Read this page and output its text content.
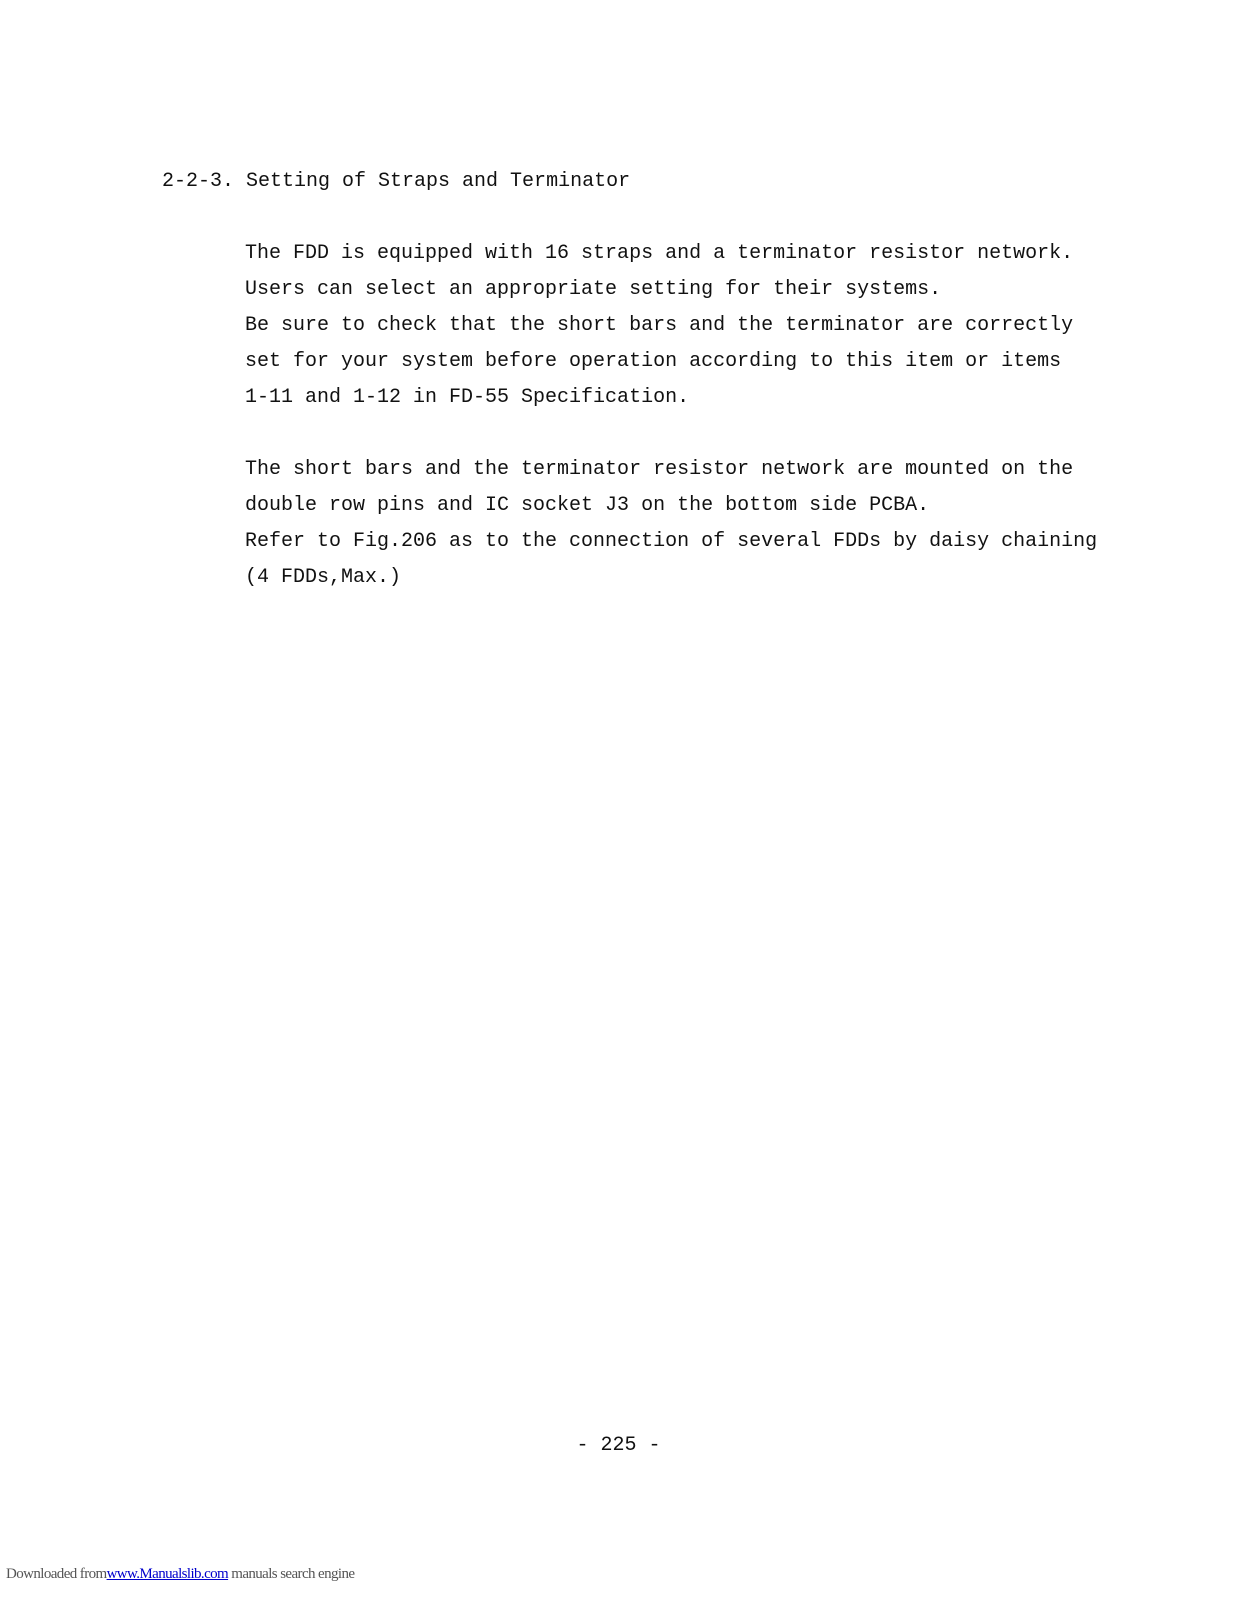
2-2-3. Setting of Straps and Terminator
The FDD is equipped with 16 straps and a terminator resistor network.
Users can select an appropriate setting for their systems.
Be sure to check that the short bars and the terminator are correctly
set for your system before operation according to this item or items
1-11 and 1-12 in FD-55 Specification.
The short bars and the terminator resistor network are mounted on the
double row pins and IC socket J3 on the bottom side PCBA.
Refer to Fig.206 as to the connection of several FDDs by daisy chaining
(4 FDDs,Max.)
- 225 -
Downloaded fromwww.Manualslib.com manuals search engine
